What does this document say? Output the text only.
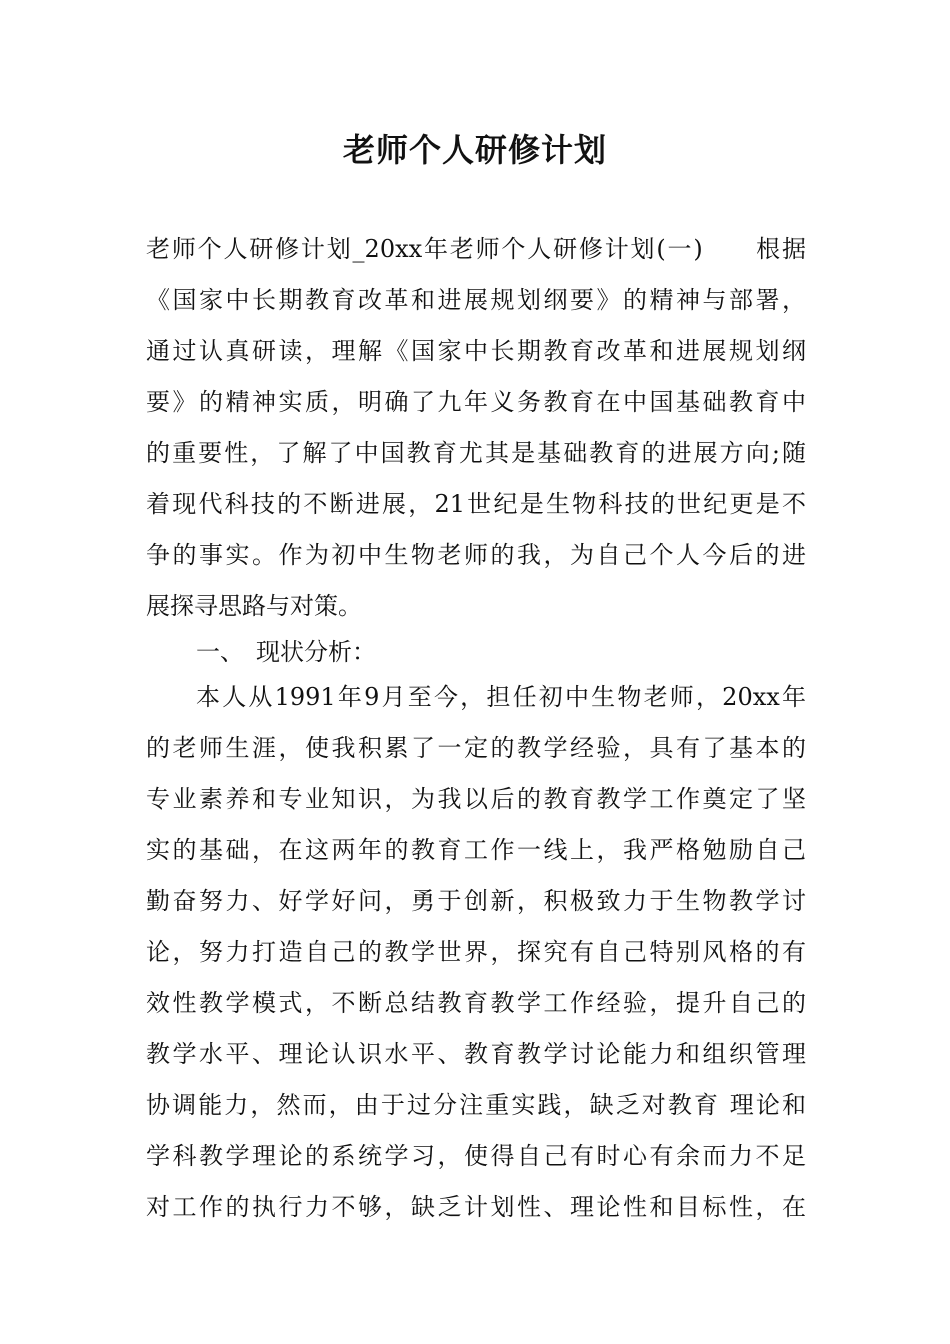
老师个人研修计划
老师个人研修计划_20xx年老师个人研修计划(一)　　根据
《国家中长期教育改革和进展规划纲要》的精神与部署，
通过认真研读，理解《国家中长期教育改革和进展规划纲
要》的精神实质，明确了九年义务教育在中国基础教育中
的重要性，了解了中国教育尤其是基础教育的进展方向;随
着现代科技的不断进展，21世纪是生物科技的世纪更是不
争的事实。作为初中生物老师的我，为自己个人今后的进
展探寻思路与对策。
一、　现状分析：
本人从1991年9月至今，担任初中生物老师，20xx年
的老师生涯，使我积累了一定的教学经验，具有了基本的
专业素养和专业知识，为我以后的教育教学工作奠定了坚
实的基础，在这两年的教育工作一线上，我严格勉励自己
勤奋努力、好学好问，勇于创新，积极致力于生物教学讨
论，努力打造自己的教学世界，探究有自己特别风格的有
效性教学模式，不断总结教育教学工作经验，提升自己的
教学水平、理论认识水平、教育教学讨论能力和组织管理
协调能力，然而，由于过分注重实践，缺乏对教育 理论和
学科教学理论的系统学习，使得自己有时心有余而力不足
对工作的执行力不够，缺乏计划性、理论性和目标性，在
